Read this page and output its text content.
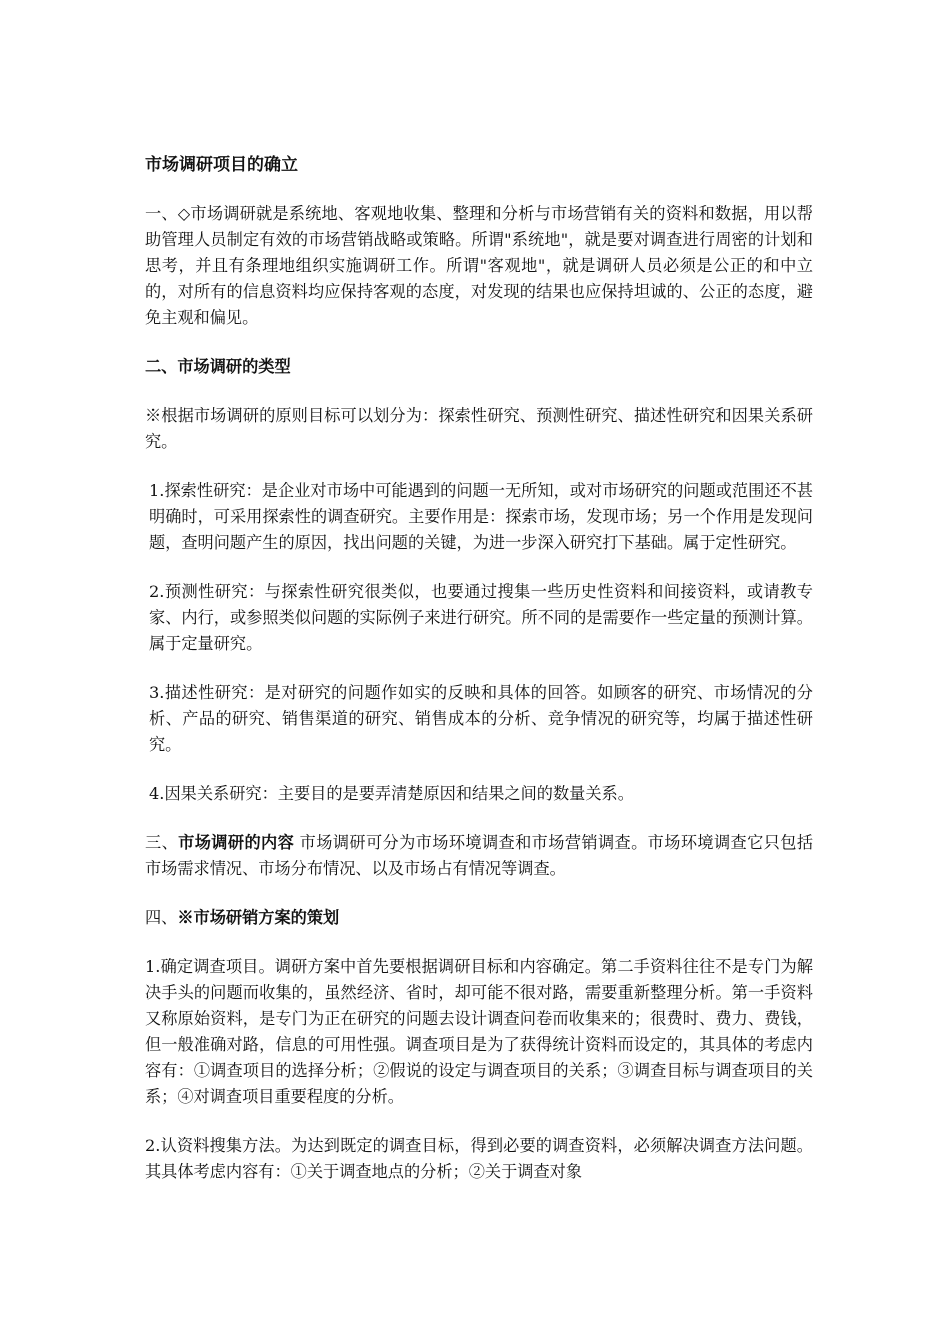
市场调研项目的确立
一、◇市场调研就是系统地、客观地收集、整理和分析与市场营销有关的资料和数据，用以帮助管理人员制定有效的市场营销战略或策略。所谓"系统地"，就是要对调查进行周密的计划和思考，并且有条理地组织实施调研工作。所谓"客观地"，就是调研人员必须是公正的和中立的，对所有的信息资料均应保持客观的态度，对发现的结果也应保持坦诚的、公正的态度，避免主观和偏见。
二、市场调研的类型
※根据市场调研的原则目标可以划分为：探索性研究、预测性研究、描述性研究和因果关系研究。
1.探索性研究：是企业对市场中可能遇到的问题一无所知，或对市场研究的问题或范围还不甚明确时，可采用探索性的调查研究。主要作用是：探索市场，发现市场；另一个作用是发现问题，查明问题产生的原因，找出问题的关键，为进一步深入研究打下基础。属于定性研究。
2.预测性研究：与探索性研究很类似，也要通过搜集一些历史性资料和间接资料，或请教专家、内行，或参照类似问题的实际例子来进行研究。所不同的是需要作一些定量的预测计算。属于定量研究。
3.描述性研究：是对研究的问题作如实的反映和具体的回答。如顾客的研究、市场情况的分析、产品的研究、销售渠道的研究、销售成本的分析、竞争情况的研究等，均属于描述性研究。
4.因果关系研究：主要目的是要弄清楚原因和结果之间的数量关系。
三、市场调研的内容 市场调研可分为市场环境调查和市场营销调查。市场环境调查它只包括市场需求情况、市场分布情况、以及市场占有情况等调查。
四、※市场研销方案的策划
1.确定调查项目。调研方案中首先要根据调研目标和内容确定。第二手资料往往不是专门为解决手头的问题而收集的，虽然经济、省时，却可能不很对路，需要重新整理分析。第一手资料又称原始资料，是专门为正在研究的问题去设计调查问卷而收集来的；很费时、费力、费钱，但一般准确对路，信息的可用性强。调查项目是为了获得统计资料而设定的，其具体的考虑内容有：①调查项目的选择分析；②假说的设定与调查项目的关系；③调查目标与调查项目的关系；④对调查项目重要程度的分析。
2.认资料搜集方法。为达到既定的调查目标，得到必要的调查资料，必须解决调查方法问题。其具体考虑内容有：①关于调查地点的分析；②关于调查对象
